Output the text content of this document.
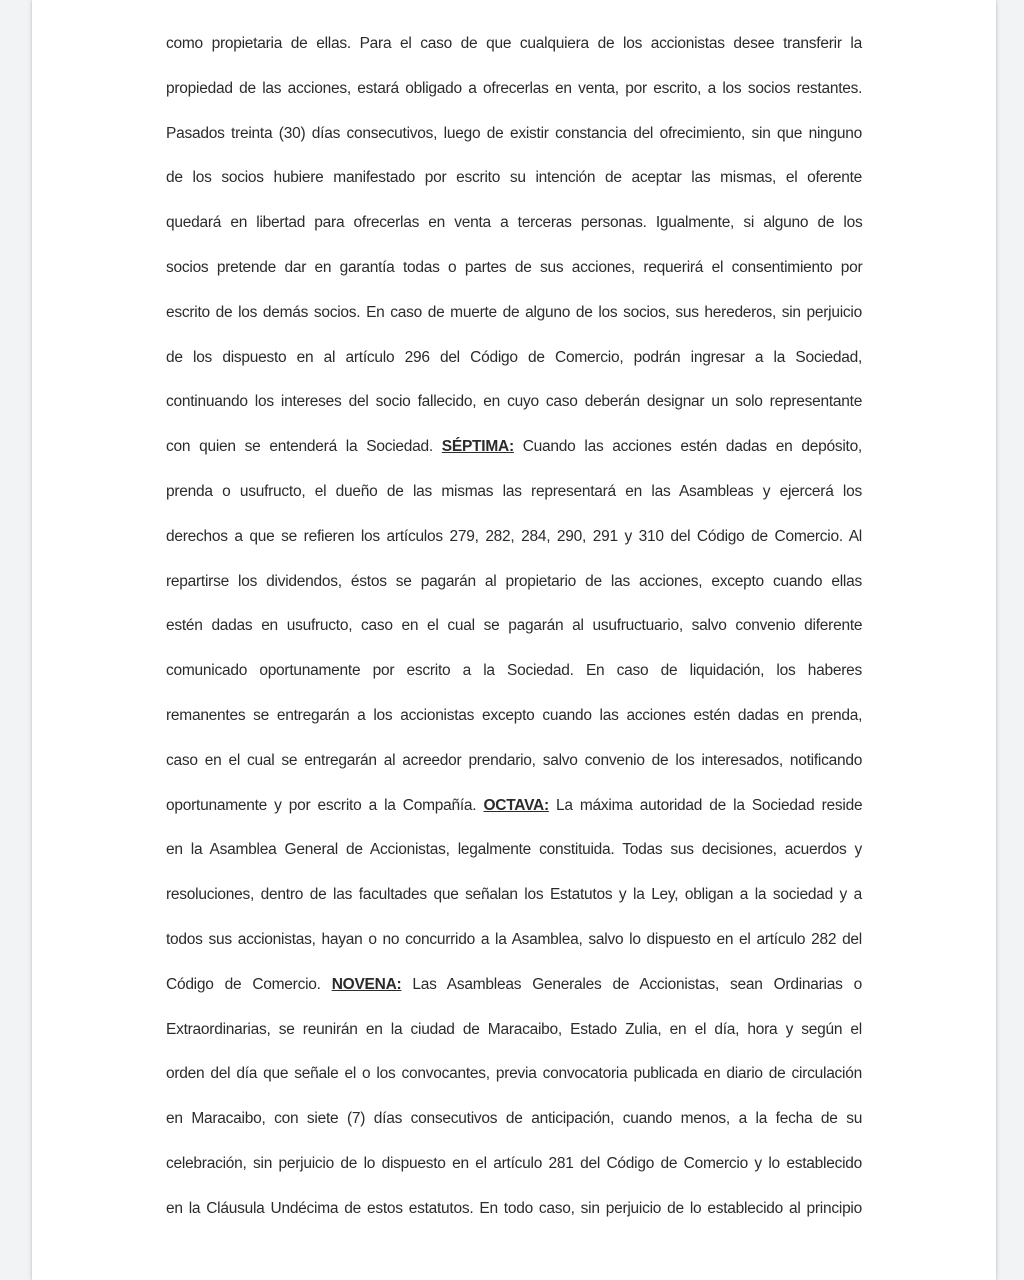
como propietaria de ellas. Para el caso de que cualquiera de los accionistas desee transferir la
propiedad de las acciones, estará obligado a ofrecerlas en venta, por escrito, a los socios restantes.
Pasados treinta (30) días consecutivos, luego de existir constancia del ofrecimiento, sin que ninguno
de los socios hubiere manifestado por escrito su intención de aceptar las mismas, el oferente
quedará en libertad para ofrecerlas en venta a terceras personas. Igualmente, si alguno de los
socios pretende dar en garantía todas o partes de sus acciones, requerirá el consentimiento por
escrito de los demás socios. En caso de muerte de alguno de los socios, sus herederos, sin perjuicio
de los dispuesto en al artículo 296 del Código de Comercio, podrán ingresar a la Sociedad,
continuando los intereses del socio fallecido, en cuyo caso deberán designar un solo representante
con quien se entenderá la Sociedad. SÉPTIMA: Cuando las acciones estén dadas en depósito,
prenda o usufructo, el dueño de las mismas las representará en las Asambleas y ejercerá los
derechos a que se refieren los artículos 279, 282, 284, 290, 291 y 310 del Código de Comercio. Al
repartirse los dividendos, éstos se pagarán al propietario de las acciones, excepto cuando ellas
estén dadas en usufructo, caso en el cual se pagarán al usufructuario, salvo convenio diferente
comunicado oportunamente por escrito a la Sociedad. En caso de liquidación, los haberes
remanentes se entregarán a los accionistas excepto cuando las acciones estén dadas en prenda,
caso en el cual se entregarán al acreedor prendario, salvo convenio de los interesados, notificando
oportunamente y por escrito a la Compañía. OCTAVA: La máxima autoridad de la Sociedad reside
en la Asamblea General de Accionistas, legalmente constituida. Todas sus decisiones, acuerdos y
resoluciones, dentro de las facultades que señalan los Estatutos y la Ley, obligan a la sociedad y a
todos sus accionistas, hayan o no concurrido a la Asamblea, salvo lo dispuesto en el artículo 282 del
Código de Comercio. NOVENA: Las Asambleas Generales de Accionistas, sean Ordinarias o
Extraordinarias, se reunirán en la ciudad de Maracaibo, Estado Zulia, en el día, hora y según el
orden del día que señale el o los convocantes, previa convocatoria publicada en diario de circulación
en Maracaibo, con siete (7) días consecutivos de anticipación, cuando menos, a la fecha de su
celebración, sin perjuicio de lo dispuesto en el artículo 281 del Código de Comercio y lo establecido
en la Cláusula Undécima de estos estatutos. En todo caso, sin perjuicio de lo establecido al principio
